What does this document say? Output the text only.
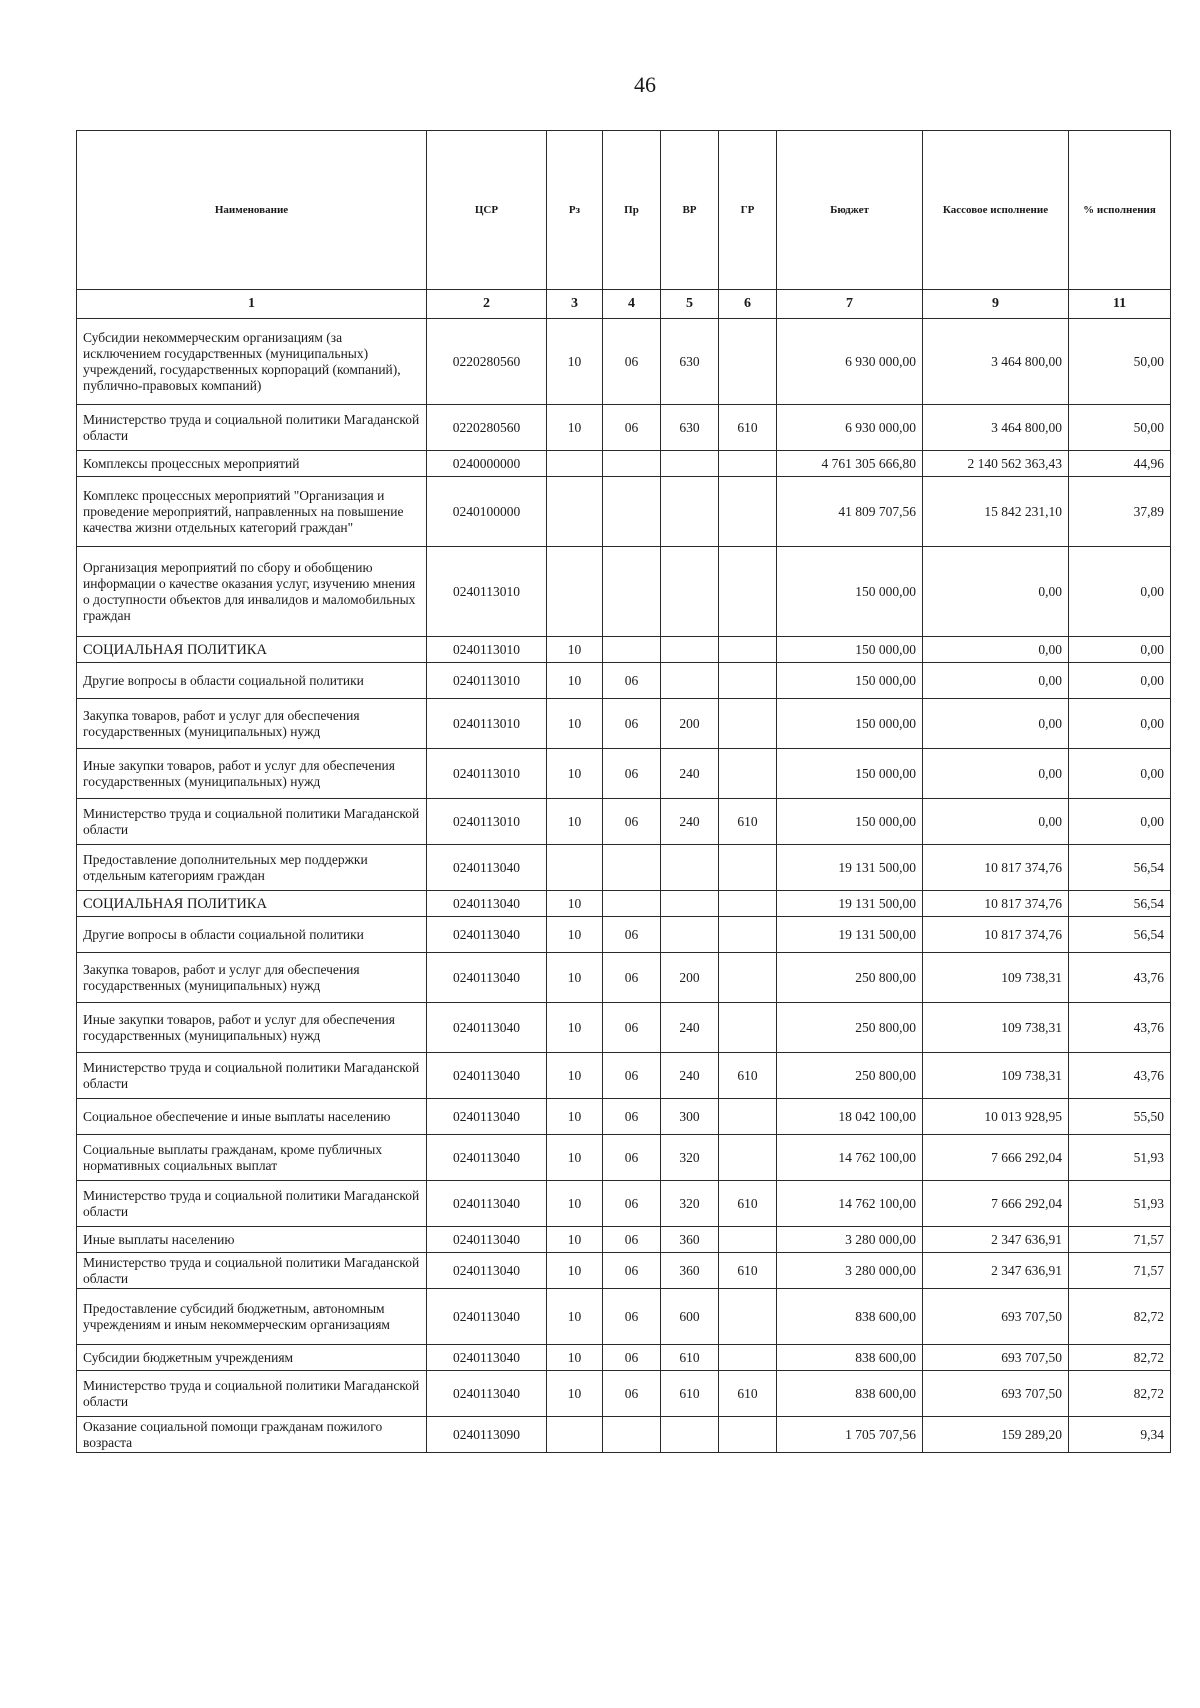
46
Наименование	ЦСР	Рз	Пр	ВР	ГР	Бюджет	Кассовое исполнение	% исполнения
1	2	3	4	5	6	7	9	11
Субсидии некоммерческим организациям (за исключением государственных (муниципальных) учреждений, государственных корпораций (компаний), публично-правовых компаний)	0220280560	10	06	630		6 930 000,00	3 464 800,00	50,00
Министерство труда и социальной политики Магаданской области	0220280560	10	06	630	610	6 930 000,00	3 464 800,00	50,00
Комплексы процессных мероприятий	0240000000					4 761 305 666,80	2 140 562 363,43	44,96
Комплекс процессных мероприятий "Организация и проведение мероприятий, направленных на повышение качества жизни отдельных категорий граждан"	0240100000					41 809 707,56	15 842 231,10	37,89
Организация мероприятий по сбору и обобщению информации о качестве оказания услуг, изучению мнения о доступности объектов для инвалидов и маломобильных граждан	0240113010					150 000,00	0,00	0,00
СОЦИАЛЬНАЯ ПОЛИТИКА	0240113010	10				150 000,00	0,00	0,00
Другие вопросы в области социальной политики	0240113010	10	06			150 000,00	0,00	0,00
Закупка товаров, работ и услуг для обеспечения государственных (муниципальных) нужд	0240113010	10	06	200		150 000,00	0,00	0,00
Иные закупки товаров, работ и услуг для обеспечения государственных (муниципальных) нужд	0240113010	10	06	240		150 000,00	0,00	0,00
Министерство труда и социальной политики Магаданской области	0240113010	10	06	240	610	150 000,00	0,00	0,00
Предоставление дополнительных мер поддержки отдельным категориям граждан	0240113040					19 131 500,00	10 817 374,76	56,54
СОЦИАЛЬНАЯ ПОЛИТИКА	0240113040	10				19 131 500,00	10 817 374,76	56,54
Другие вопросы в области социальной политики	0240113040	10	06			19 131 500,00	10 817 374,76	56,54
Закупка товаров, работ и услуг для обеспечения государственных (муниципальных) нужд	0240113040	10	06	200		250 800,00	109 738,31	43,76
Иные закупки товаров, работ и услуг для обеспечения государственных (муниципальных) нужд	0240113040	10	06	240		250 800,00	109 738,31	43,76
Министерство труда и социальной политики Магаданской области	0240113040	10	06	240	610	250 800,00	109 738,31	43,76
Социальное обеспечение и иные выплаты населению	0240113040	10	06	300		18 042 100,00	10 013 928,95	55,50
Социальные выплаты гражданам, кроме публичных нормативных социальных выплат	0240113040	10	06	320		14 762 100,00	7 666 292,04	51,93
Министерство труда и социальной политики Магаданской области	0240113040	10	06	320	610	14 762 100,00	7 666 292,04	51,93
Иные выплаты населению	0240113040	10	06	360		3 280 000,00	2 347 636,91	71,57
Министерство труда и социальной политики Магаданской области	0240113040	10	06	360	610	3 280 000,00	2 347 636,91	71,57
Предоставление субсидий бюджетным, автономным учреждениям и иным некоммерческим организациям	0240113040	10	06	600		838 600,00	693 707,50	82,72
Субсидии бюджетным учреждениям	0240113040	10	06	610		838 600,00	693 707,50	82,72
Министерство труда и социальной политики Магаданской области	0240113040	10	06	610	610	838 600,00	693 707,50	82,72
Оказание социальной помощи гражданам пожилого возраста	0240113090					1 705 707,56	159 289,20	9,34
